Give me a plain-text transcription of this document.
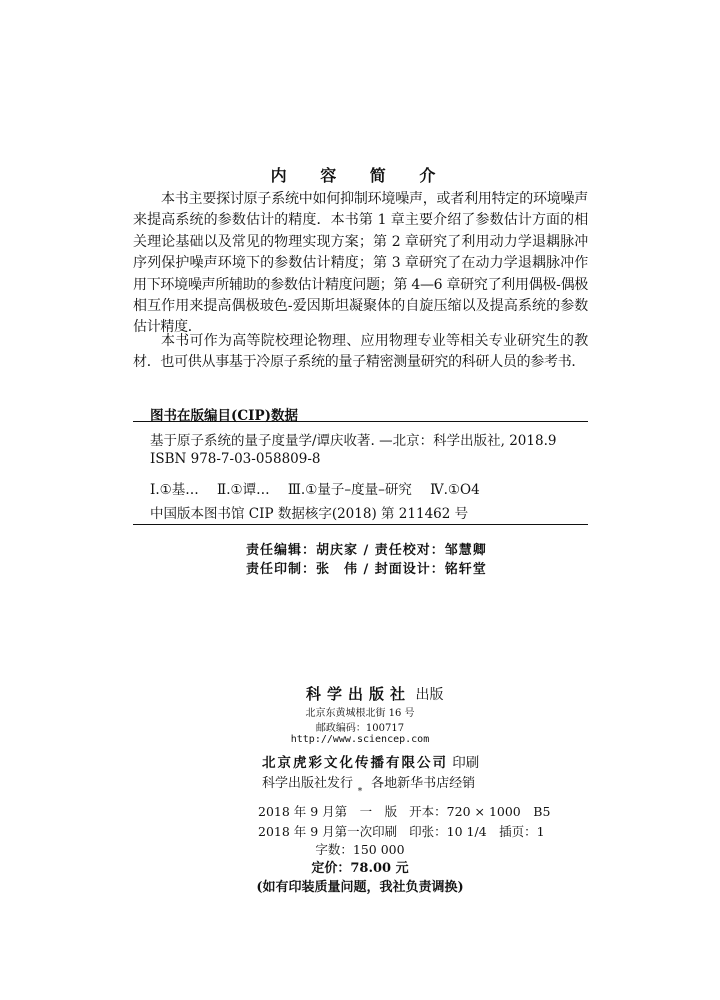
内 容 简 介
本书主要探讨原子系统中如何抑制环境噪声，或者利用特定的环境噪声来提高系统的参数估计的精度．本书第 1 章主要介绍了参数估计方面的相关理论基础以及常见的物理实现方案；第 2 章研究了利用动力学退耦脉冲序列保护噪声环境下的参数估计精度；第 3 章研究了在动力学退耦脉冲作用下环境噪声所辅助的参数估计精度问题；第 4—6 章研究了利用偶极-偶极相互作用来提高偶极玻色-爱因斯坦凝聚体的自旋压缩以及提高系统的参数估计精度．
本书可作为高等院校理论物理、应用物理专业等相关专业研究生的教材．也可供从事基于冷原子系统的量子精密测量研究的科研人员的参考书．
图书在版编目(CIP)数据
基于原子系统的量子度量学/谭庆收著. —北京：科学出版社, 2018.9
ISBN 978-7-03-058809-8
Ⅰ.①基… Ⅱ.①谭… Ⅲ.①量子–度量–研究 Ⅳ.①O4
中国版本图书馆 CIP 数据核字(2018) 第 211462 号
责任编辑：胡庆家 / 责任校对：邹慧卿
责任印制：张　伟 / 封面设计：铭轩堂
科学出版社 出版
北京东黄城根北街 16 号
邮政编码：100717
http://www.sciencep.com
北京虎彩文化传播有限公司 印刷
科学出版社发行 各地新华书店经销
*
2018 年 9 月第　一　版 开本：720 × 1000　B5
2018 年 9 月第一次印刷 印张：10 1/4　插页：1
字数：150 000
定价：78.00 元
(如有印装质量问题，我社负责调换)
